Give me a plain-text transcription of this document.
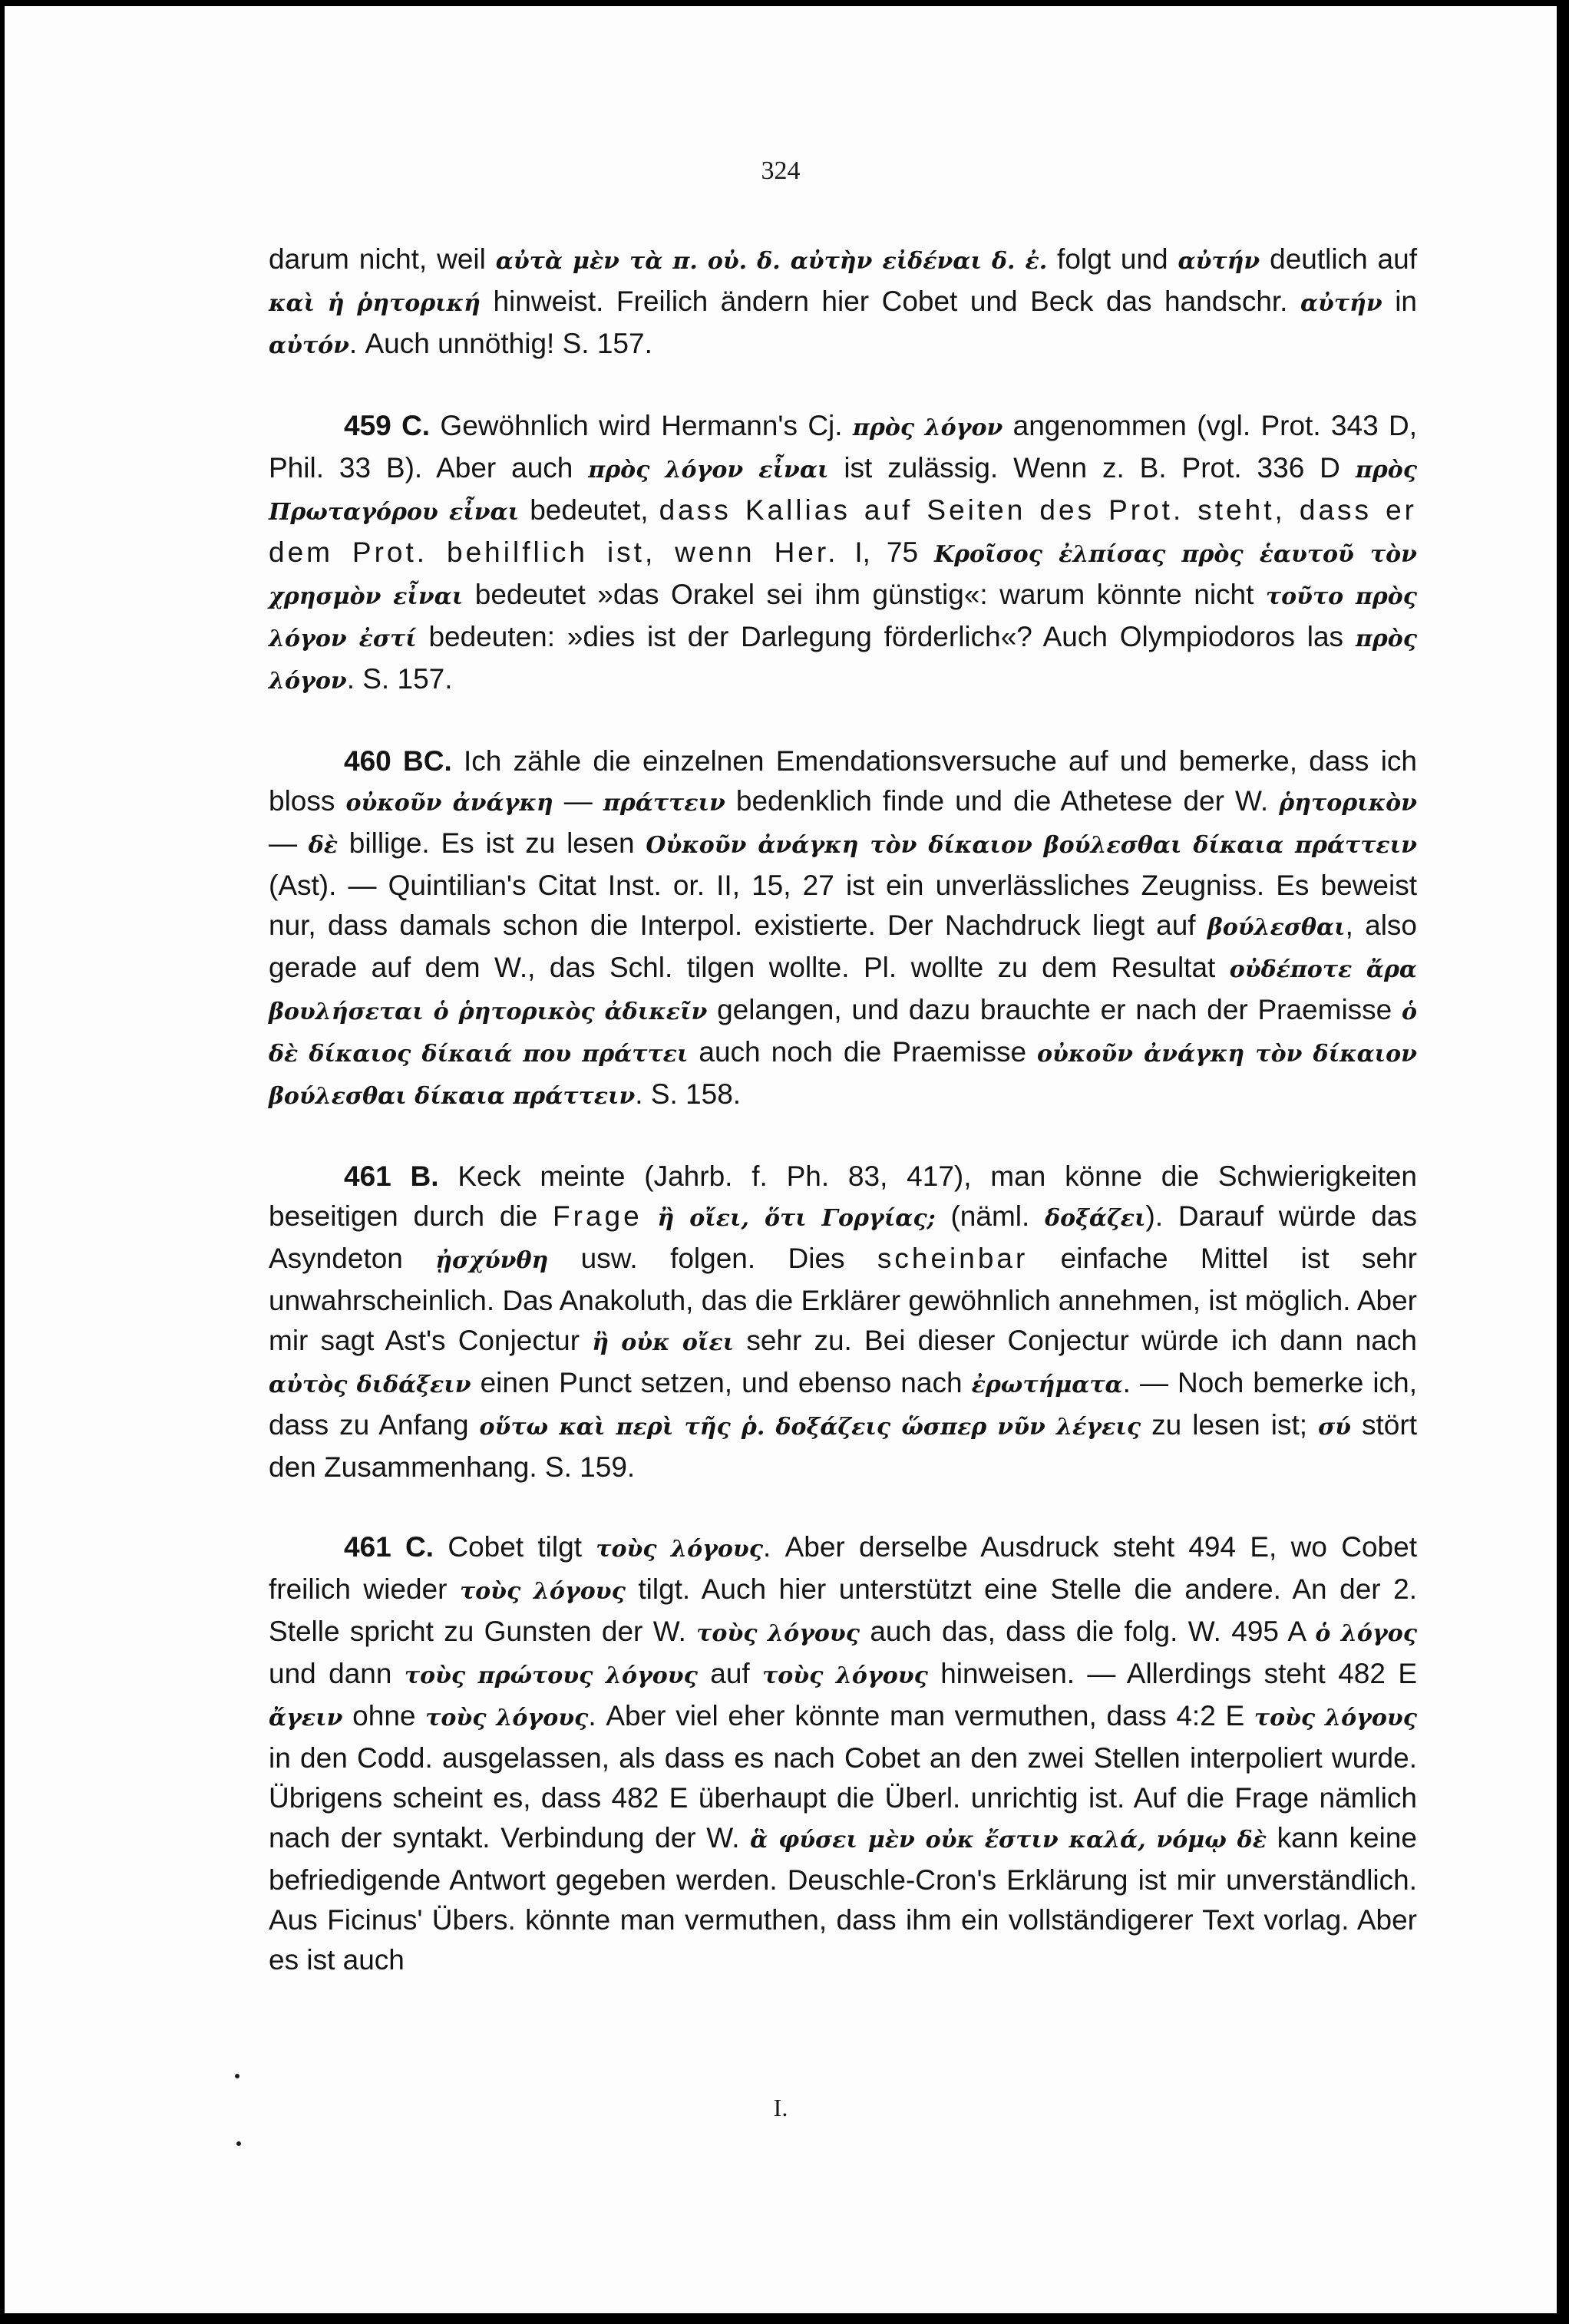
324

darum nicht, weil αὐτὰ μὲν τὰ π. οὐ. δ. αὐτὴν εἰδέναι δ. ἐ. folgt und αὐτήν deutlich auf καὶ ἡ ῥητορική hinweist. Freilich ändern hier Cobet und Beck das handschr. αὐτήν in αὐτόν. Auch unnöthig! S. 157.

459 C. Gewöhnlich wird Hermann's Cj. πρὸς λόγον angenommen (vgl. Prot. 343 D, Phil. 33 B). Aber auch πρὸς λόγον εἶναι ist zulässig. Wenn z. B. Prot. 336 D πρὸς Πρωταγόρου εἶναι bedeutet, dass Kallias auf Seiten des Prot. steht, dass er dem Prot. behilflich ist, wenn Her. I, 75 Κροῖσος ἐλπίσας πρὸς ἑαυτοῦ τὸν χρησμὸν εἶναι bedeutet »das Orakel sei ihm günstig«: warum könnte nicht τοῦτο πρὸς λόγον ἐστί bedeuten: »dies ist der Darlegung förderlich«? Auch Olympiodoros las πρὸς λόγον. S. 157.

460 BC. Ich zähle die einzelnen Emendationsversuche auf und bemerke, dass ich bloss οὐκοῦν ἀνάγκη — πράττειν bedenklich finde und die Athetese der W. ῥητορικὸν — δὲ billige. Es ist zu lesen Οὐκοῦν ἀνάγκη τὸν δίκαιον βούλεσθαι δίκαια πράττειν (Ast). — Quintilian's Citat Inst. or. II, 15, 27 ist ein unverlässliches Zeugniss. Es beweist nur, dass damals schon die Interpol. existierte. Der Nachdruck liegt auf βούλεσθαι, also gerade auf dem W., das Schl. tilgen wollte. Pl. wollte zu dem Resultat οὐδέποτε ἄρα βουλήσεται ὁ ῥητορικὸς ἀδικεῖν gelangen, und dazu brauchte er nach der Praemisse ὁ δὲ δίκαιος δίκαιά που πράττει auch noch die Praemisse οὐκοῦν ἀνάγκη τὸν δίκαιον βούλεσθαι δίκαια πράττειν. S. 158.

461 B. Keck meinte (Jahrb. f. Ph. 83, 417), man könne die Schwierigkeiten beseitigen durch die Frage ἢ οἴει, ὅτι Γοργίας; (näml. δοξάζει). Darauf würde das Asyndeton ᾐσχύνθη usw. folgen. Dies scheinbar einfache Mittel ist sehr unwahrscheinlich. Das Anakoluth, das die Erklärer gewöhnlich annehmen, ist möglich. Aber mir sagt Ast's Conjectur ἢ οὐκ οἴει sehr zu. Bei dieser Conjectur würde ich dann nach αὐτὸς διδάξειν einen Punct setzen, und ebenso nach ἐρωτήματα. — Noch bemerke ich, dass zu Anfang οὕτω καὶ περὶ τῆς ῥ. δοξάζεις ὥσπερ νῦν λέγεις zu lesen ist; σύ stört den Zusammenhang. S. 159.

461 C. Cobet tilgt τοὺς λόγους. Aber derselbe Ausdruck steht 494 E, wo Cobet freilich wieder τοὺς λόγους tilgt. Auch hier unterstützt eine Stelle die andere. An der 2. Stelle spricht zu Gunsten der W. τοὺς λόγους auch das, dass die folg. W. 495 A ὁ λόγος und dann τοὺς πρώτους λόγους auf τοὺς λόγους hinweisen. — Allerdings steht 482 E ἄγειν ohne τοὺς λόγους. Aber viel eher könnte man vermuthen, dass 4:2 E τοὺς λόγους in den Codd. ausgelassen, als dass es nach Cobet an den zwei Stellen interpoliert wurde. Übrigens scheint es, dass 482 E überhaupt die Überl. unrichtig ist. Auf die Frage nämlich nach der syntakt. Verbindung der W. ἃ φύσει μὲν οὐκ ἔστιν καλά, νόμῳ δὲ kann keine befriedigende Antwort gegeben werden. Deuschle-Cron's Erklärung ist mir unverständlich. Aus Ficinus' Übers. könnte man vermuthen, dass ihm ein vollständigerer Text vorlag. Aber es ist auch

I.
